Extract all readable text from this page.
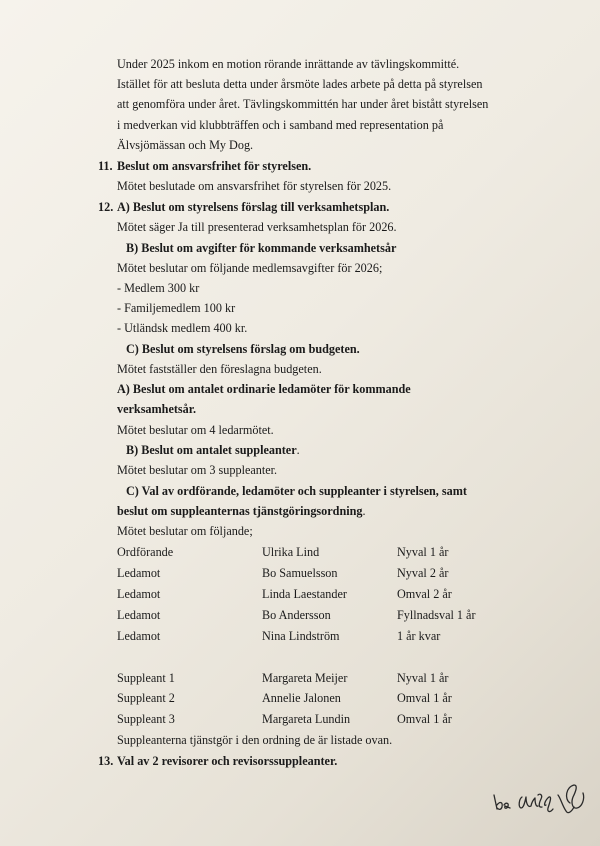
Under 2025 inkom en motion rörande inrättande av tävlingskommitté.
Istället för att besluta detta under årsmöte lades arbete på detta på styrelsen
att genomföra under året. Tävlingskommittén har under året bistått styrelsen
i medverkan vid klubbträffen och i samband med representation på
Älvsjömässan och My Dog.
11. Beslut om ansvarsfrihet för styrelsen.
Mötet beslutade om ansvarsfrihet för styrelsen för 2025.
12. A) Beslut om styrelsens förslag till verksamhetsplan.
Mötet säger Ja till presenterad verksamhetsplan för 2026.
B) Beslut om avgifter för kommande verksamhetsår
Mötet beslutar om följande medlemsavgifter för 2026;
- Medlem 300 kr
- Familjemedlem 100 kr
- Utländsk medlem 400 kr.
C) Beslut om styrelsens förslag om budgeten.
Mötet fastställer den föreslagna budgeten.
A) Beslut om antalet ordinarie ledamöter för kommande
verksamhetsår.
Mötet beslutar om 4 ledarmötet.
B) Beslut om antalet suppleanter.
Mötet beslutar om 3 suppleanter.
C) Val av ordförande, ledamöter och suppleanter i styrelsen, samt
beslut om suppleanternas tjänstgöringsordning.
Mötet beslutar om följande;
Ordförande	Ulrika Lind	Nyval 1 år
Ledamot	Bo Samuelsson	Nyval 2 år
Ledamot	Linda Laestander	Omval 2 år
Ledamot	Bo Andersson	Fyllnadsval 1 år
Ledamot	Nina Lindström	1 år kvar
Suppleant 1	Margareta Meijer	Nyval 1 år
Suppleant 2	Annelie Jalonen	Omval 1 år
Suppleant 3	Margareta Lundin	Omval 1 år
Suppleanterna tjänstgör i den ordning de är listade ovan.
13. Val av 2 revisorer och revisorssuppleanter.
